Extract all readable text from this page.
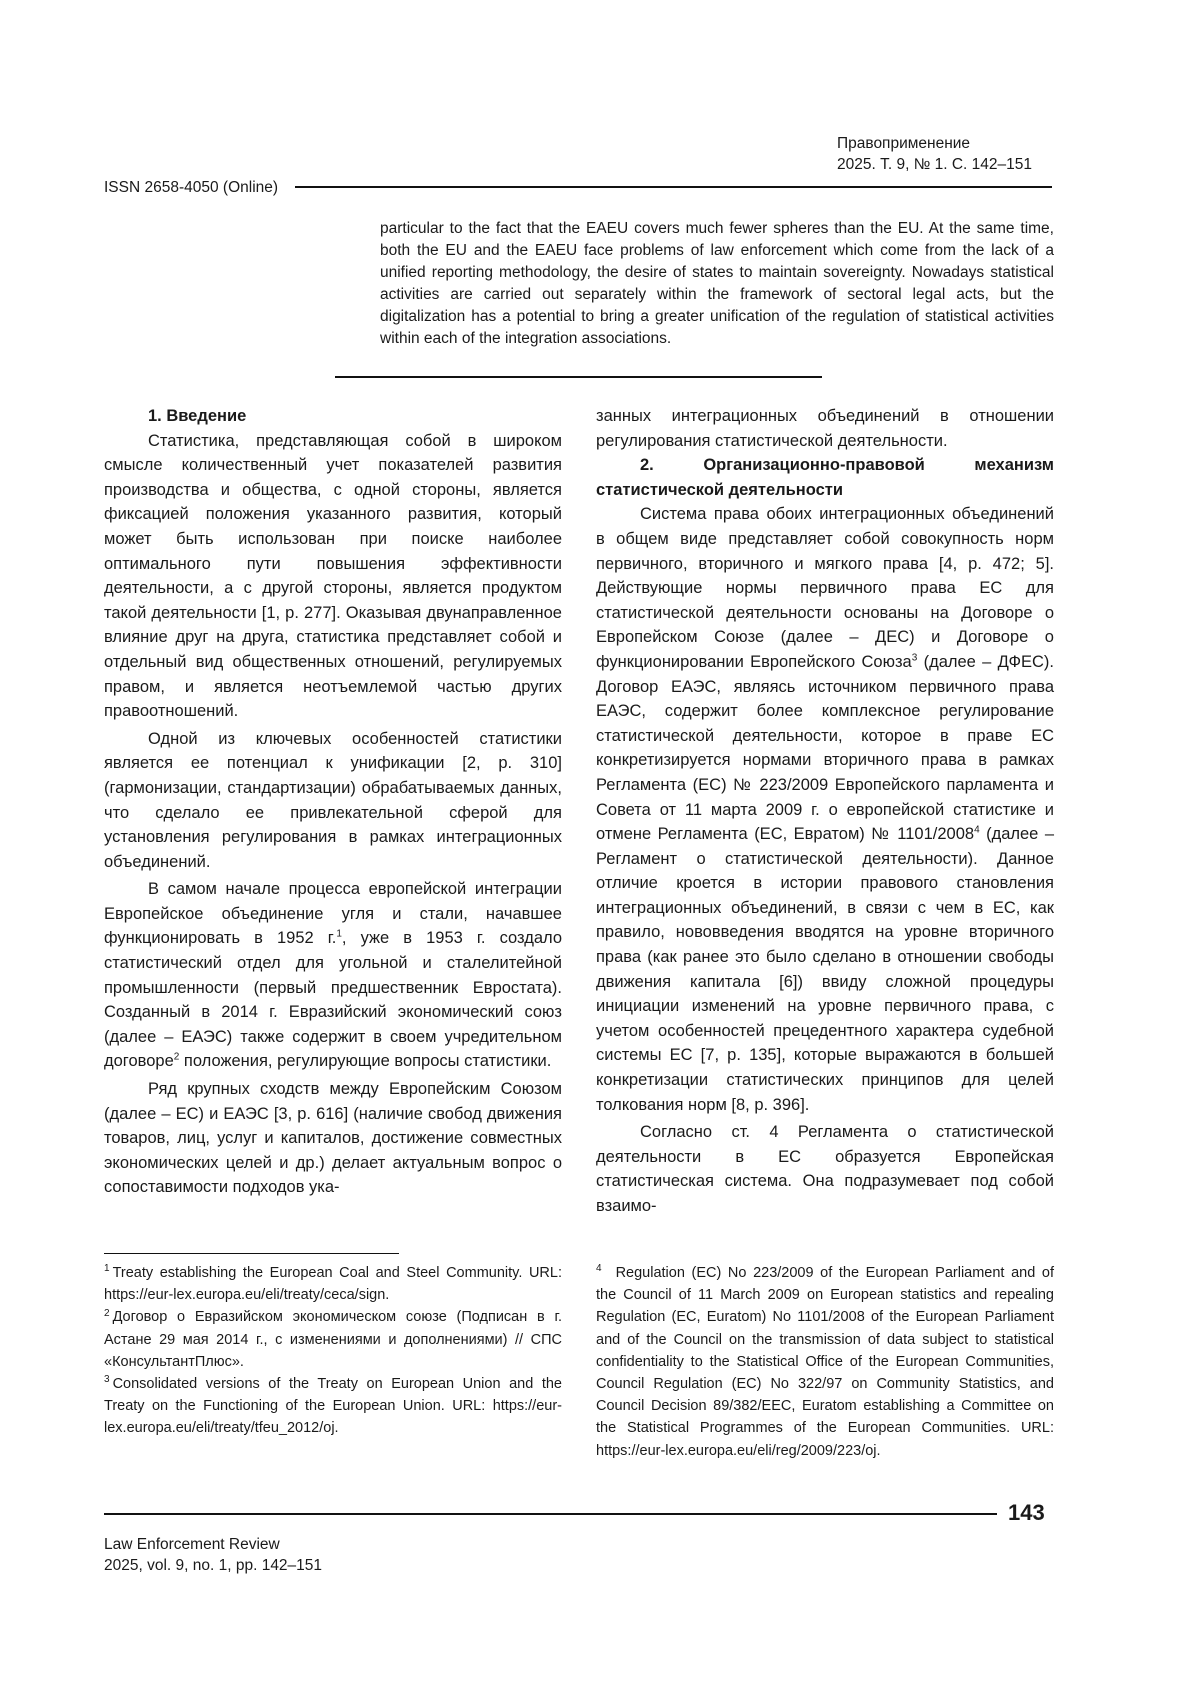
Правоприменение
2025. Т. 9, № 1. С. 142–151
ISSN 2658-4050 (Online)

particular to the fact that the EAEU covers much fewer spheres than the EU. At the same time, both the EU and the EAEU face problems of law enforcement which come from the lack of a unified reporting methodology, the desire of states to maintain sovereignty. Nowadays statistical activities are carried out separately within the framework of sectoral legal acts, but the digitalization has a potential to bring a greater unification of the regulation of statistical activities within each of the integration associations.

1. Введение

Статистика, представляющая собой в широком смысле количественный учет показателей развития производства и общества, с одной стороны, является фиксацией положения указанного развития, который может быть использован при поиске наиболее оптимального пути повышения эффективности деятельности, а с другой стороны, является продуктом такой деятельности [1, p. 277]. Оказывая двунаправленное влияние друг на друга, статистика представляет собой и отдельный вид общественных отношений, регулируемых правом, и является неотъемлемой частью других правоотношений.

Одной из ключевых особенностей статистики является ее потенциал к унификации [2, p. 310] (гармонизации, стандартизации) обрабатываемых данных, что сделало ее привлекательной сферой для установления регулирования в рамках интеграционных объединений.

В самом начале процесса европейской интеграции Европейское объединение угля и стали, начавшее функционировать в 1952 г.$^1$, уже в 1953 г. создало статистический отдел для угольной и сталелитейной промышленности (первый предшественник Евростата). Созданный в 2014 г. Евразийский экономический союз (далее – ЕАЭС) также содержит в своем учредительном договоре$^2$ положения, регулирующие вопросы статистики.

Ряд крупных сходств между Европейским Союзом (далее – ЕС) и ЕАЭС [3, p. 616] (наличие свобод движения товаров, лиц, услуг и капиталов, достижение совместных экономических целей и др.) делает актуальным вопрос о сопоставимости подходов ука-

занных интеграционных объединений в отношении регулирования статистической деятельности.

2. Организационно-правовой механизм статистической деятельности

Система права обоих интеграционных объединений в общем виде представляет собой совокупность норм первичного, вторичного и мягкого права [4, p. 472; 5]. Действующие нормы первичного права ЕС для статистической деятельности основаны на Договоре о Европейском Союзе (далее – ДЕС) и Договоре о функционировании Европейского Союза$^3$ (далее – ДФЕС). Договор ЕАЭС, являясь источником первичного права ЕАЭС, содержит более комплексное регулирование статистической деятельности, которое в праве ЕС конкретизируется нормами вторичного права в рамках Регламента (ЕС) № 223/2009 Европейского парламента и Совета от 11 марта 2009 г. о европейской статистике и отмене Регламента (ЕС, Евратом) № 1101/2008$^4$ (далее – Регламент о статистической деятельности). Данное отличие кроется в истории правового становления интеграционных объединений, в связи с чем в ЕС, как правило, нововведения вводятся на уровне вторичного права (как ранее это было сделано в отношении свободы движения капитала [6]) ввиду сложной процедуры инициации изменений на уровне первичного права, с учетом особенностей прецедентного характера судебной системы ЕС [7, p. 135], которые выражаются в большей конкретизации статистических принципов для целей толкования норм [8, p. 396].

Согласно ст. 4 Регламента о статистической деятельности в ЕС образуется Европейская статистическая система. Она подразумевает под собой взаимо-

$^1$ Treaty establishing the European Coal and Steel Community. URL: https://eur-lex.europa.eu/eli/treaty/ceca/sign.

$^2$ Договор о Евразийском экономическом союзе (Подписан в г. Астане 29 мая 2014 г., с изменениями и дополнениями) // СПС «КонсультантПлюс».

$^3$ Consolidated versions of the Treaty on European Union and the Treaty on the Functioning of the European Union. URL: https://eur-lex.europa.eu/eli/treaty/tfeu_2012/oj.

$^4$ Regulation (EC) No 223/2009 of the European Parliament and of the Council of 11 March 2009 on European statistics and repealing Regulation (EC, Euratom) No 1101/2008 of the European Parliament and of the Council on the transmission of data subject to statistical confidentiality to the Statistical Office of the European Communities, Council Regulation (EC) No 322/97 on Community Statistics, and Council Decision 89/382/EEC, Euratom establishing a Committee on the Statistical Programmes of the European Communities. URL: https://eur-lex.europa.eu/eli/reg/2009/223/oj.

143
Law Enforcement Review
2025, vol. 9, no. 1, pp. 142–151
